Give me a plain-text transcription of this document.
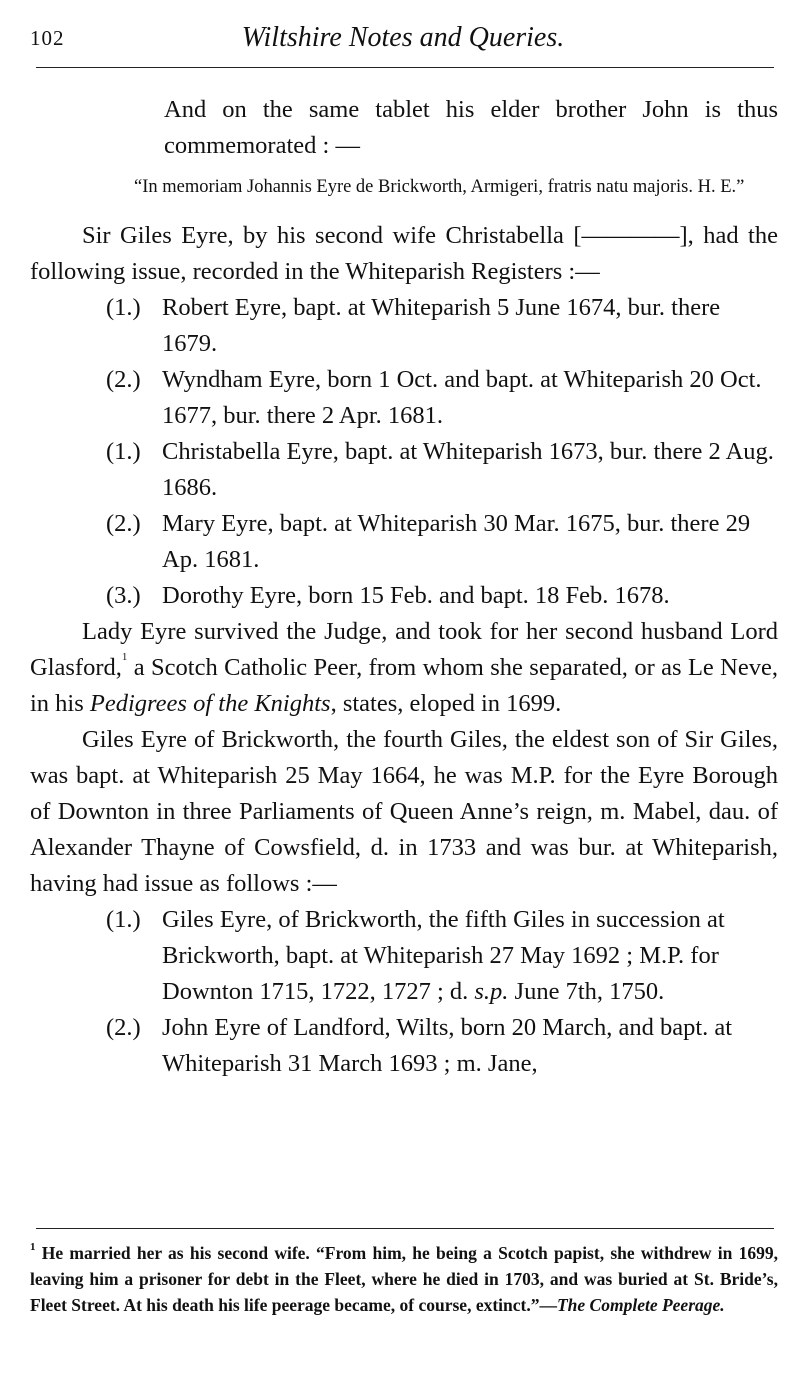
102	Wiltshire Notes and Queries.

And on the same tablet his elder brother John is thus commemorated : —

“In memoriam Johannis Eyre de Brickworth, Armigeri, fratris natu majoris. H. E.”

Sir Giles Eyre, by his second wife Christabella [————], had the following issue, recorded in the Whiteparish Registers :—

(1.) Robert Eyre, bapt. at Whiteparish 5 June 1674, bur. there 1679.
(2.) Wyndham Eyre, born 1 Oct. and bapt. at Whiteparish 20 Oct. 1677, bur. there 2 Apr. 1681.
(1.) Christabella Eyre, bapt. at Whiteparish 1673, bur. there 2 Aug. 1686.
(2.) Mary Eyre, bapt. at Whiteparish 30 Mar. 1675, bur. there 29 Ap. 1681.
(3.) Dorothy Eyre, born 15 Feb. and bapt. 18 Feb. 1678.

Lady Eyre survived the Judge, and took for her second husband Lord Glasford,$^1$ a Scotch Catholic Peer, from whom she separated, or as Le Neve, in his Pedigrees of the Knights, states, eloped in 1699.

Giles Eyre of Brickworth, the fourth Giles, the eldest son of Sir Giles, was bapt. at Whiteparish 25 May 1664, he was M.P. for the Eyre Borough of Downton in three Parliaments of Queen Anne’s reign, m. Mabel, dau. of Alexander Thayne of Cowsfield, d. in 1733 and was bur. at Whiteparish, having had issue as follows :—

(1.) Giles Eyre, of Brickworth, the fifth Giles in succession at Brickworth, bapt. at Whiteparish 27 May 1692 ; M.P. for Downton 1715, 1722, 1727 ; d. s.p. June 7th, 1750.
(2.) John Eyre of Landford, Wilts, born 20 March, and bapt. at Whiteparish 31 March 1693 ; m. Jane,
$^1$ He married her as his second wife. “From him, he being a Scotch papist, she withdrew in 1699, leaving him a prisoner for debt in the Fleet, where he died in 1703, and was buried at St. Bride’s, Fleet Street. At his death his life peerage became, of course, extinct.”—The Complete Peerage.
